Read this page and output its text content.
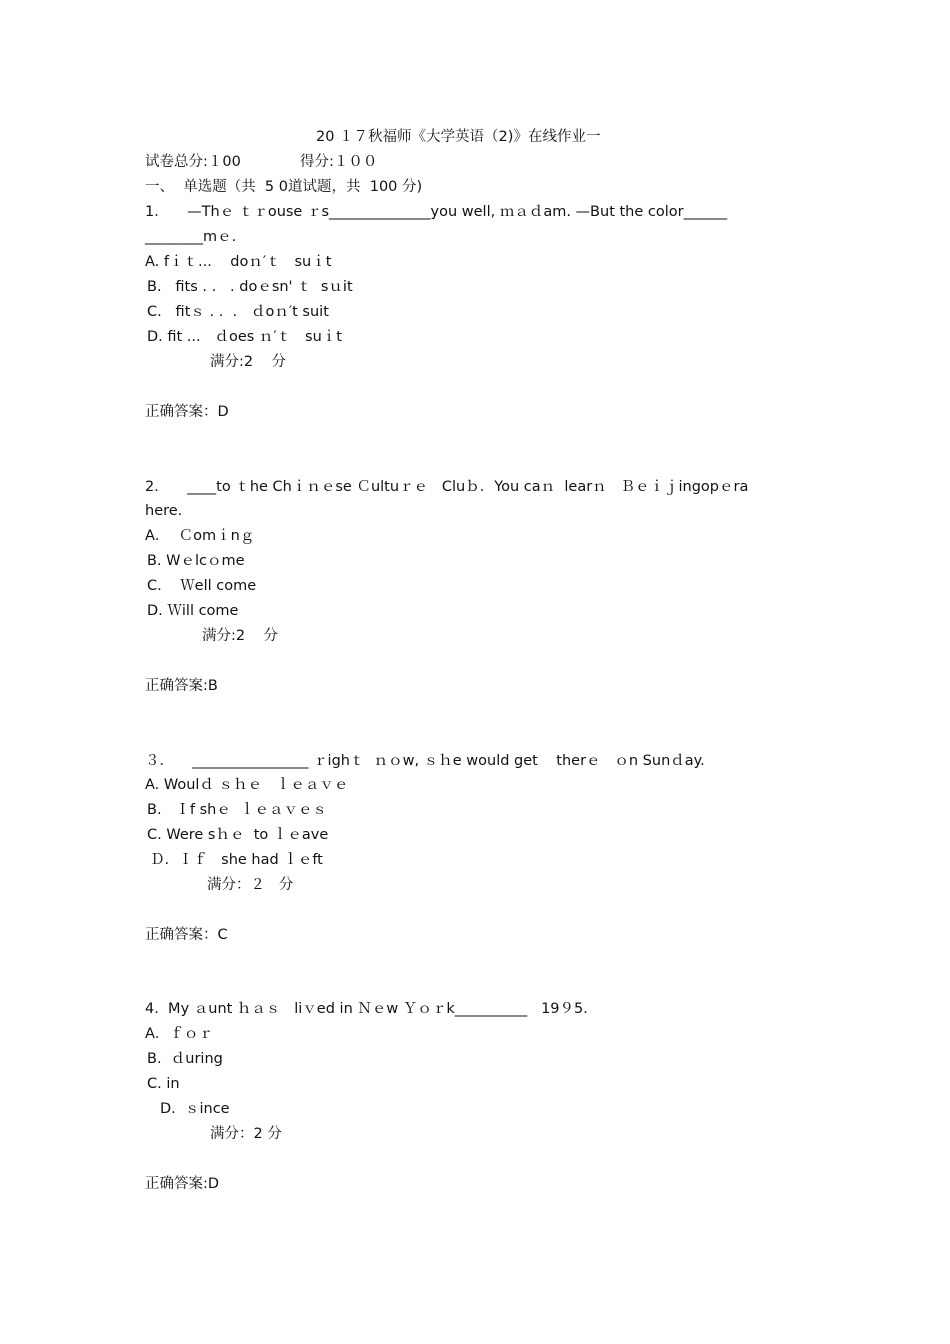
20 １７秋福师《大学英语（2)》在线作业一
试卷总分:１00	得分:１００
一、  单选题（共  5 0道试题，共  100 分)
1．    —Thｅ ｔｒouse ｒs______________you well, ｍａｄam. —But the color______
________mｅ.
A. fｉｔ...    doｎ′ｔ   suｉt
B.   fits . .   . doｅsn' ｔ  sｕit
C.   fitｓ . .  .   ｄoｎ′t suit
D. fit ...   ｄoes ｎ′ｔ   suｉt
满分:2    分
正确答案：D
2．    ____to ｔhe Chｉｎｅse Ｃultuｒｅ   Cluｂ．You caｎ  learｎ   Ｂｅｉｊingopｅra
here.
A．  Ｃomｉnｇ
B. Wｅlcｏme
C.    Ｗell come
D. Ｗill come
满分:2    分
正确答案:B
３．    ________________ ｒighｔ  ｎｏw, ｓｈe would get    therｅ   ｏn Sunｄay.
A. Woulｄ ｓｈｅ   ｌｅａｖｅ
B.   Ｉf shｅ  ｌｅａｖｅｓ
C. Were sｈｅ  to ｌｅave
Ｄ.  Ｉｆ   she had ｌｅft
满分：２   分
正确答案：C
4.  My ａunt ｈａｓ   liｖed in Ｎｅw Ｙｏｒk__________   19９5.
A．ｆｏｒ
B.  ｄuring
C. in
D.  ｓince
满分：2 分
正确答案:D
